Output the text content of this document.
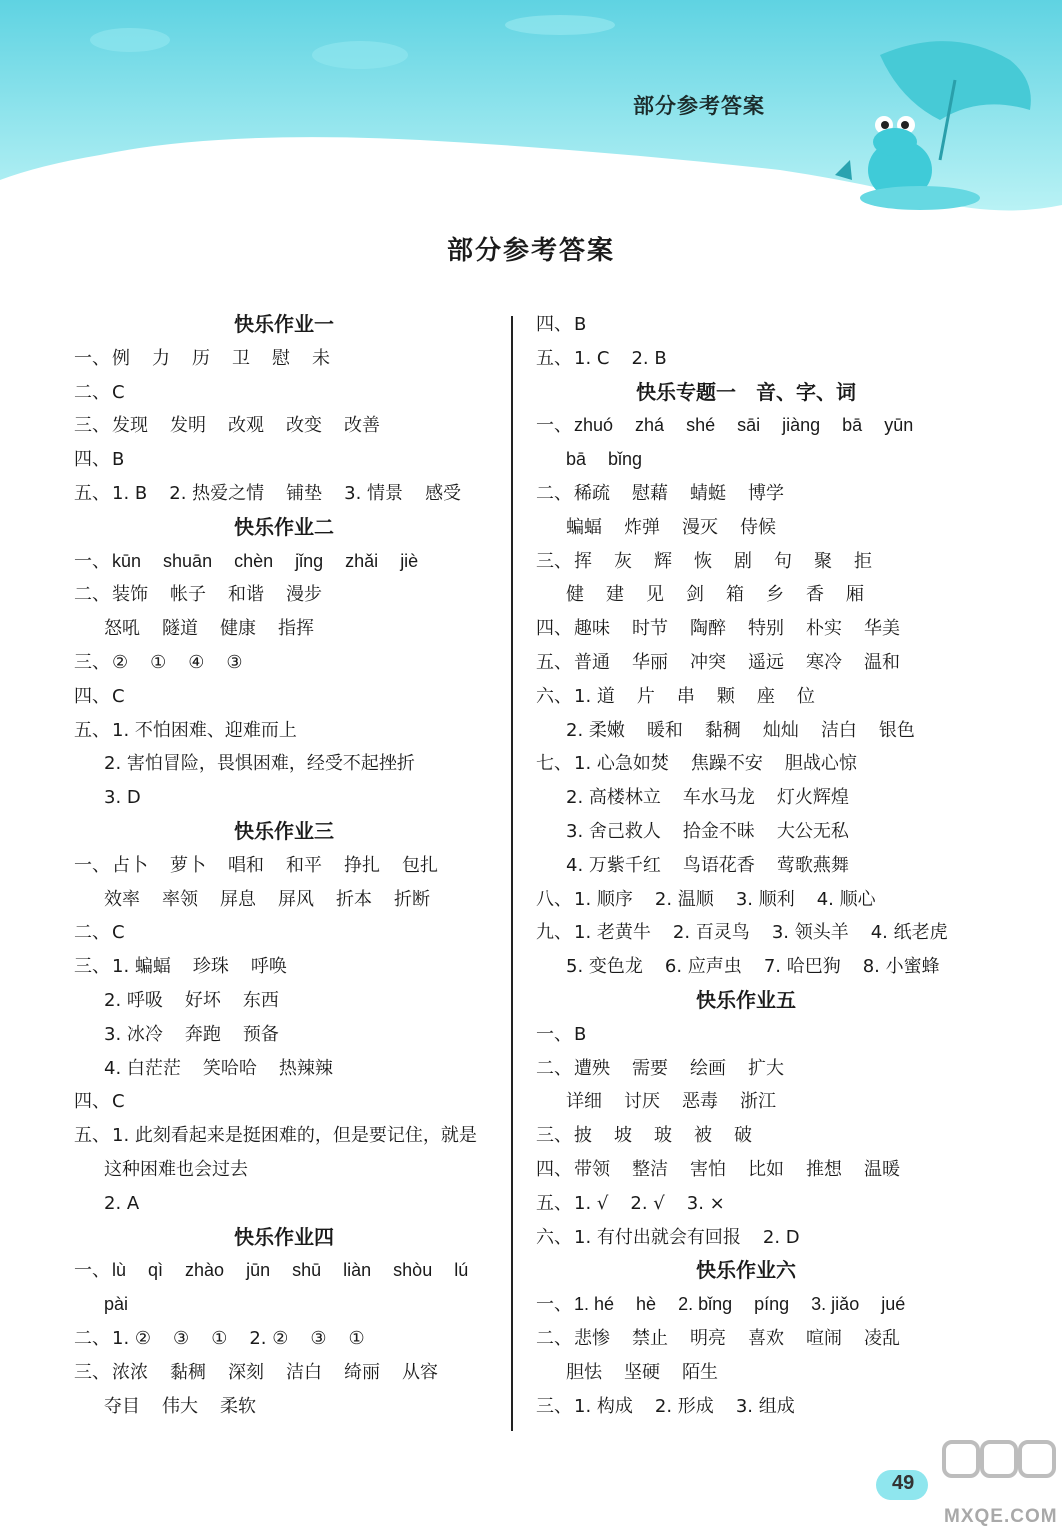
部分参考答案
部分参考答案
快乐作业一
一、 例 力 历 卫 慰 未
二、 C
三、 发现 发明 改观 改变 改善
四、 B
五、 1. B 2. 热爱之情 铺垫 3. 情景 感受
快乐作业二
一、 kūn shuān chèn jǐng zhǎi jiè
二、 装饰 帐子 和谐 漫步
怒吼 隧道 健康 指挥
三、 ② ① ④ ③
四、 C
五、 1. 不怕困难、迎难而上
2. 害怕冒险，畏惧困难，经受不起挫折
3. D
快乐作业三
一、 占卜 萝卜 唱和 和平 挣扎 包扎
效率 率领 屏息 屏风 折本 折断
二、 C
三、 1. 蝙蝠 珍珠 呼唤
2. 呼吸 好坏 东西
3. 冰冷 奔跑 预备
4. 白茫茫 笑哈哈 热辣辣
四、 C
五、 1. 此刻看起来是挺困难的，但是要记住，就是
这种困难也会过去
2. A
快乐作业四
一、 lù qì zhào jūn shū liàn shòu lú
pài
二、 1. ② ③ ① 2. ② ③ ①
三、 浓浓 黏稠 深刻 洁白 绮丽 从容
夺目 伟大 柔软
四、 B
五、 1. C 2. B
快乐专题一　音、字、词
一、 zhuó zhá shé sāi jiàng bā yūn
bā bǐng
二、 稀疏 慰藉 蜻蜓 博学
蝙蝠 炸弹 漫灭 侍候
三、 挥 灰 辉 恢 剧 句 聚 拒
健 建 见 剑 箱 乡 香 厢
四、 趣味 时节 陶醉 特别 朴实 华美
五、 普通 华丽 冲突 遥远 寒冷 温和
六、 1. 道 片 串 颗 座 位
2. 柔嫩 暖和 黏稠 灿灿 洁白 银色
七、 1. 心急如焚 焦躁不安 胆战心惊
2. 高楼林立 车水马龙 灯火辉煌
3. 舍己救人 拾金不昧 大公无私
4. 万紫千红 鸟语花香 莺歌燕舞
八、 1. 顺序 2. 温顺 3. 顺利 4. 顺心
九、 1. 老黄牛 2. 百灵鸟 3. 领头羊 4. 纸老虎
5. 变色龙 6. 应声虫 7. 哈巴狗 8. 小蜜蜂
快乐作业五
一、 B
二、 遭殃 需要 绘画 扩大
详细 讨厌 恶毒 浙江
三、 披 坡 玻 被 破
四、 带领 整洁 害怕 比如 推想 温暖
五、 1. √ 2. √ 3. ×
六、 1. 有付出就会有回报 2. D
快乐作业六
一、 1. hé hè 2. bǐng píng 3. jiǎo jué
二、 悲惨 禁止 明亮 喜欢 喧闹 凌乱
胆怯 坚硬 陌生
三、 1. 构成 2. 形成 3. 组成
49
MXQE.COM
